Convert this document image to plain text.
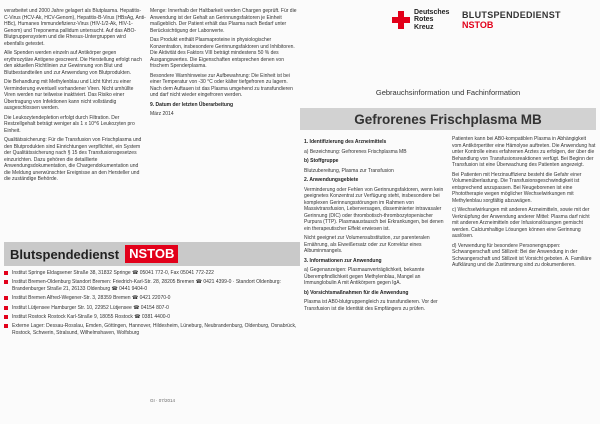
verarbeitet und 2000 Jahre gelagert als Blutplasma. Hepatitis-C-Virus (HCV-Ak, HCV-Genom), Hepatitis-B-Virus (HBsAg, Anti-HBc), Humanes Immundefizienz-Virus (HIV-1/2-Ak, HIV-1-Genom) und Treponema pallidum untersucht. Auf das ABO-Blutgruppensystem und die Rhesus-Untergruppen wird ebenfalls getestet.

Alle Spenden werden einzeln auf Antikörper gegen erythrozytäre Antigene gescreent. Die Herstellung erfolgt nach den aktuellen Richtlinien zur Gewinnung von Blut und Blutbestandteilen und zur Anwendung von Blutprodukten.

Die Behandlung mit Methylenblau und Licht führt zu einer Verminderung eventuell vorhandener Viren. Nicht umhüllte Viren werden nur teilweise inaktiviert. Das Risiko einer Übertragung von Infektionen kann nicht vollständig ausgeschlossen werden.

Die Leukozytendepletion erfolgt durch Filtration. Der Restzellgehalt beträgt weniger als 1 x 10^6 Leukozyten pro Einheit.

Qualitätssicherung: Für die Transfusion von Frischplasma und den Blutprodukten sind Einrichtungen verpflichtet, ein System der Qualitätssicherung nach § 15 des Transfusionsgesetzes einzurichten. Dazu gehören die detaillierte Anwendungsdokumentation, die Chargendokumentation und die Meldung unerwünschter Ereignisse an den Hersteller und die zuständige Behörde.

Menge: Innerhalb der Haltbarkeit werden Chargen geprüft. Für die Anwendung ist der Gehalt an Gerinnungsfaktoren je Einheit maßgeblich. Der Patient erhält das Plasma nach Bedarf unter Berücksichtigung der Laborwerte.

Das Produkt enthält Plasmaproteine in physiologischer Konzentration, insbesondere Gerinnungsfaktoren und Inhibitoren. Die Aktivität des Faktors VIII beträgt mindestens 50 % des Ausgangswertes. Die Eigenschaften entsprechen denen von frischem Spenderplasma.

Besondere Warnhinweise zur Aufbewahrung: Die Einheit ist bei einer Temperatur von -30 °C oder kälter tiefgefroren zu lagern. Nach dem Auftauen ist das Plasma umgehend zu transfundieren und darf nicht wieder eingefroren werden.

9. Datum der letzten Überarbeitung

März 2014

Blutspendedienst NSTOB
Institut Springe Eldagsener Straße 38, 31832 Springe ☎ 05041 772-0, Fax 05041 772-222
Institut Bremen-Oldenburg Standort Bremen: Friedrich-Karl-Str. 28, 28205 Bremen ☎ 0421 4399-0 · Standort Oldenburg: Brandenburger Straße 21, 26133 Oldenburg ☎ 0441 9404-0
Institut Bremen Alfred-Wegener-Str. 3, 28359 Bremen ☎ 0421 22070-0
Institut Lütjensee Hamburger Str. 10, 22952 Lütjensee ☎ 04154 807-0
Institut Rostock Rostock Karl-Straße 9, 18055 Rostock ☎ 0381 4400-0
Externe Lager: Dessau-Rosslau, Emden, Göttingen, Hannover, Hildesheim, Lüneburg, Neubrandenburg, Oldenburg, Osnabrück, Rostock, Schwerin, Stralsund, Wilhelmshaven, Wolfsburg
GI · 07/2014
Deutsches
Rotes
Kreuz
BLUTSPENDEDIENST
NSTOB
Gebrauchsinformation und Fachinformation
Gefrorenes Frischplasma MB

1. Identifizierung des Arzneimittels

a) Bezeichnung: Gefrorenes Frischplasma MB

b) Stoffgruppe

Blutzubereitung, Plasma zur Transfusion

2. Anwendungsgebiete

Verminderung oder Fehlen von Gerinnungsfaktoren, wenn kein geeignetes Konzentrat zur Verfügung steht, insbesondere bei komplexen Gerinnungsstörungen im Rahmen von Massivtransfusion, Leberversagen, disseminierter intravasaler Gerinnung (DIC) oder thrombotisch-thrombozytopenischer Purpura (TTP). Plasmaaustausch bei Erkrankungen, bei denen ein therapeutischer Effekt erwiesen ist.

Nicht geeignet zur Volumensubstitution, zur parenteralen Ernährung, als Eiweißersatz oder zur Korrektur eines Albuminmangels.

3. Informationen zur Anwendung

a) Gegenanzeigen: Plasmaunverträglichkeit, bekannte Überempfindlichkeit gegen Methylenblau, Mangel an Immunglobulin A mit Antikörpern gegen IgA.

b) Vorsichtsmaßnahmen für die Anwendung

Plasma ist AB0-blutgruppengleich zu transfundieren. Vor der Transfusion ist die Identität des Empfängers zu prüfen.

Patienten kann bei AB0-kompatiblen Plasma in Abhängigkeit vom Antikörpertiter eine Hämolyse auftreten. Die Anwendung hat unter Kontrolle eines erfahrenen Arztes zu erfolgen, der über die Behandlung von Transfusionsreaktionen verfügt. Bei Beginn der Transfusion ist eine Überwachung des Patienten angezeigt.

Bei Patienten mit Herzinsuffizienz besteht die Gefahr einer Volumenüberlastung. Die Transfusionsgeschwindigkeit ist entsprechend anzupassen. Bei Neugeborenen ist eine Phototherapie wegen möglicher Wechselwirkungen mit Methylenblau sorgfältig abzuwägen.

c) Wechselwirkungen mit anderen Arzneimitteln, sowie mit der Verknüpfung der Anwendung anderer Mittel: Plasma darf nicht mit anderen Arzneimitteln oder Infusionslösungen gemischt werden. Calciumhaltige Lösungen können eine Gerinnung auslösen.

d) Verwendung für besondere Personengruppen: Schwangerschaft und Stillzeit: Bei der Anwendung in der Schwangerschaft und Stillzeit ist Vorsicht geboten. A. Familiäre Aufklärung und die Zustimmung sind zu dokumentieren.
